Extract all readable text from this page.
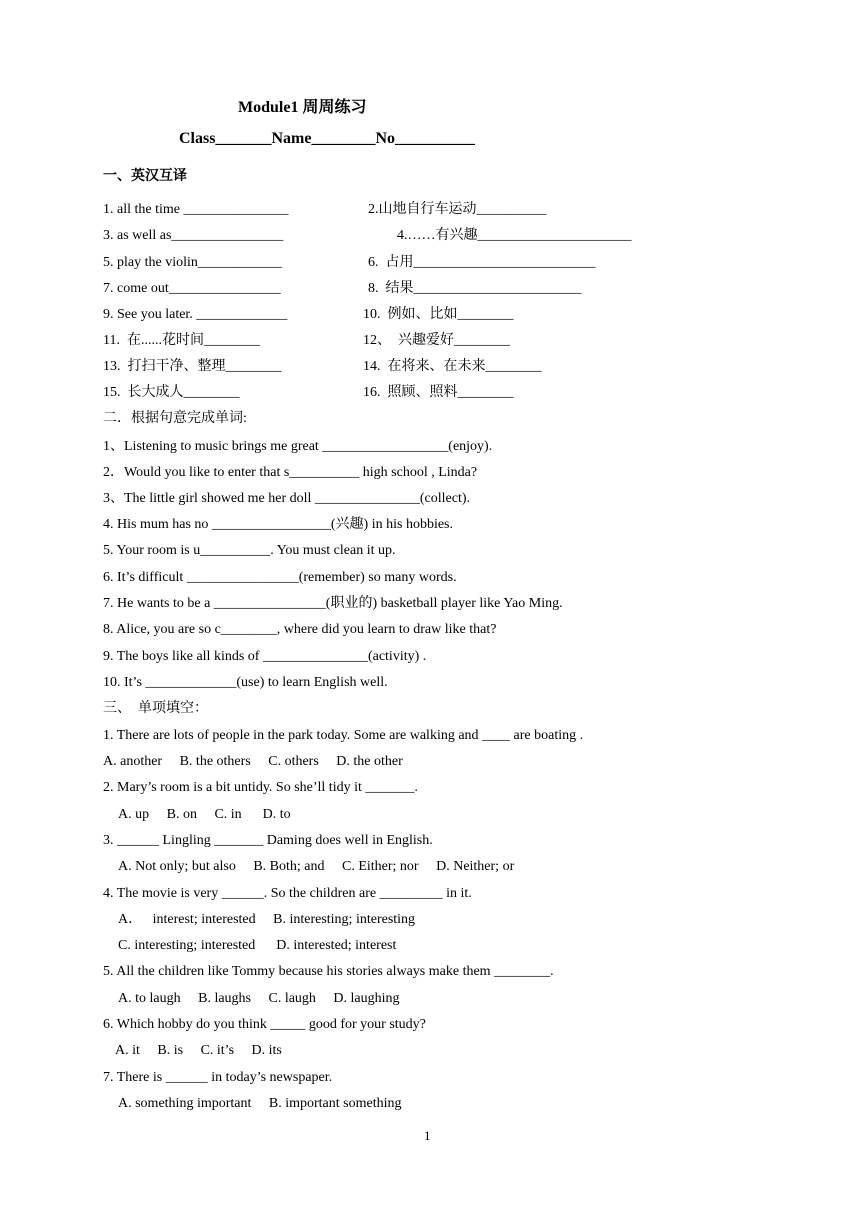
Module1 周周练习
Class_______Name________No__________
一、英汉互译
1. all the time _______________	2.山地自行车运动__________
3. as well as________________	4.……有兴趣______________________
5. play the violin____________	6.  占用__________________________
7. come out________________	8.  结果________________________
9. See you later. _____________	10.  例如、比如________
11.  在......花时间________	12、  兴趣爱好________
13.  打扫干净、整理________	14.  在将来、在未来________
15.  长大成人________	16.  照顾、照料________
二．根据句意完成单词:
1、Listening to music brings me great __________________(enjoy).
2．Would you like to enter that s__________ high school , Linda?
3、The little girl showed me her doll _______________(collect).
4. His mum has no _________________(兴趣) in his hobbies.
5. Your room is u__________. You must clean it up.
6. It’s difficult ________________(remember) so many words.
7. He wants to be a ________________(职业的) basketball player like Yao Ming.
8. Alice, you are so c________, where did you learn to draw like that?
9. The boys like all kinds of _______________(activity) .
10. It’s _____________(use) to learn English well.
三、  单项填空：
1. There are lots of people in the park today. Some are walking and ____ are boating .
A. another     B. the others     C. others     D. the other
2. Mary’s room is a bit untidy. So she’ll tidy it _______.
A. up     B. on     C. in      D. to
3. ______ Lingling _______ Daming does well in English.
A. Not only; but also     B. Both; and     C. Either; nor     D. Neither; or
4. The movie is very ______. So the children are _________ in it.
A．   interest; interested     B. interesting; interesting
C. interesting; interested      D. interested; interest
5. All the children like Tommy because his stories always make them ________.
A. to laugh     B. laughs     C. laugh     D. laughing
6. Which hobby do you think _____ good for your study?
A. it     B. is     C. it’s     D. its
7. There is ______ in today’s newspaper.
A. something important     B. important something
1
